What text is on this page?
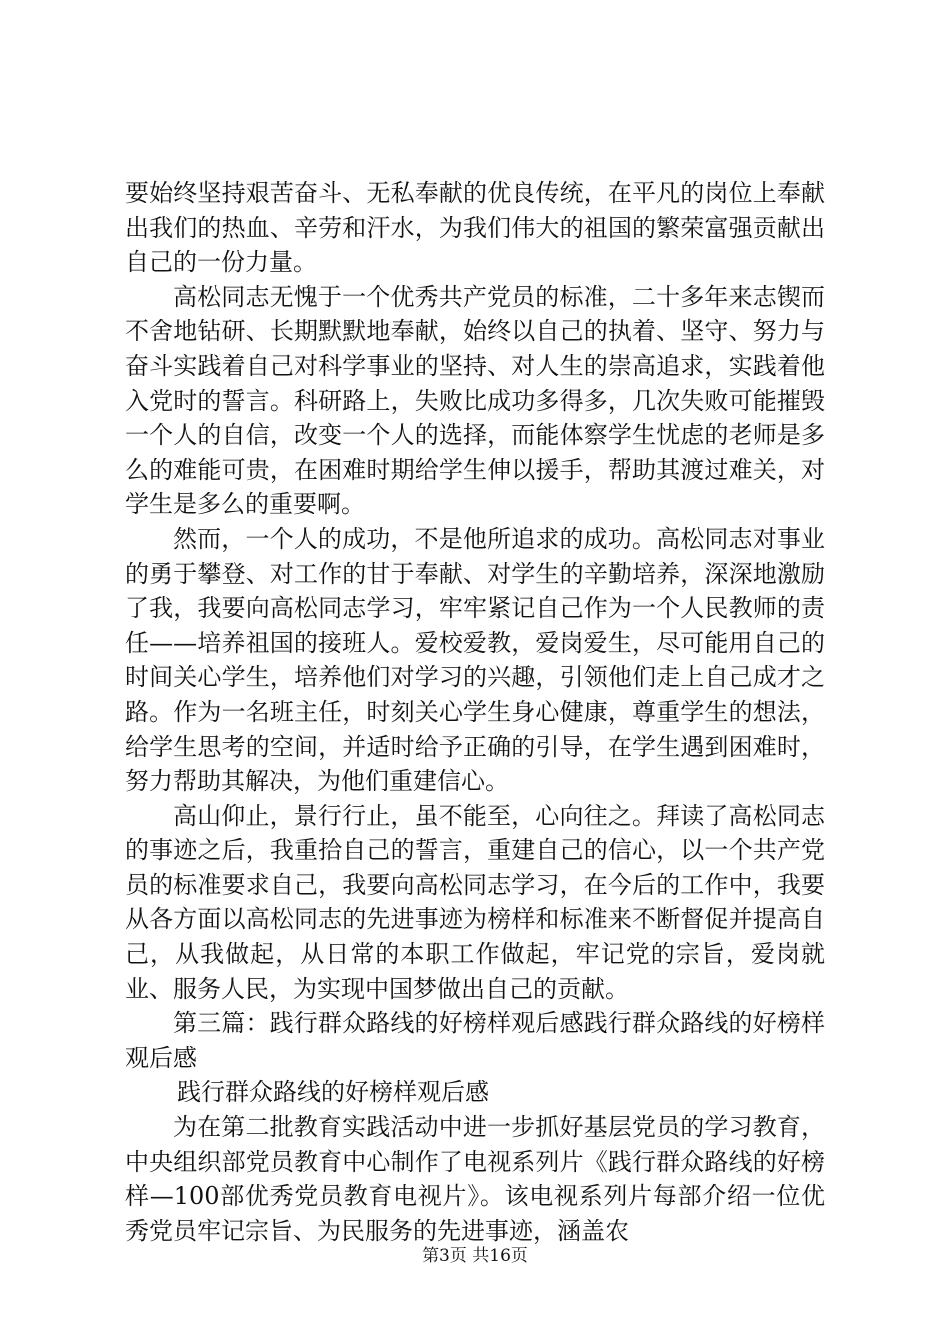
要始终坚持艰苦奋斗、无私奉献的优良传统，在平凡的岗位上奉献出我们的热血、辛劳和汗水，为我们伟大的祖国的繁荣富强贡献出自己的一份力量。

高松同志无愧于一个优秀共产党员的标准，二十多年来志锲而不舍地钻研、长期默默地奉献，始终以自己的执着、坚守、努力与奋斗实践着自己对科学事业的坚持、对人生的崇高追求，实践着他入党时的誓言。科研路上，失败比成功多得多，几次失败可能摧毁一个人的自信，改变一个人的选择，而能体察学生忧虑的老师是多么的难能可贵，在困难时期给学生伸以援手，帮助其渡过难关，对学生是多么的重要啊。

然而，一个人的成功，不是他所追求的成功。高松同志对事业的勇于攀登、对工作的甘于奉献、对学生的辛勤培养，深深地激励了我，我要向高松同志学习，牢牢紧记自己作为一个人民教师的责任——培养祖国的接班人。爱校爱教，爱岗爱生，尽可能用自己的时间关心学生，培养他们对学习的兴趣，引领他们走上自己成才之路。作为一名班主任，时刻关心学生身心健康，尊重学生的想法，给学生思考的空间，并适时给予正确的引导，在学生遇到困难时，努力帮助其解决，为他们重建信心。

高山仰止，景行行止，虽不能至，心向往之。拜读了高松同志的事迹之后，我重拾自己的誓言，重建自己的信心，以一个共产党员的标准要求自己，我要向高松同志学习，在今后的工作中，我要从各方面以高松同志的先进事迹为榜样和标准来不断督促并提高自己，从我做起，从日常的本职工作做起，牢记党的宗旨，爱岗就业、服务人民，为实现中国梦做出自己的贡献。

第三篇：践行群众路线的好榜样观后感践行群众路线的好榜样观后感

践行群众路线的好榜样观后感

为在第二批教育实践活动中进一步抓好基层党员的学习教育，中央组织部党员教育中心制作了电视系列片《践行群众路线的好榜样—100部优秀党员教育电视片》。该电视系列片每部介绍一位优秀党员牢记宗旨、为民服务的先进事迹，涵盖农

第3页 共16页
